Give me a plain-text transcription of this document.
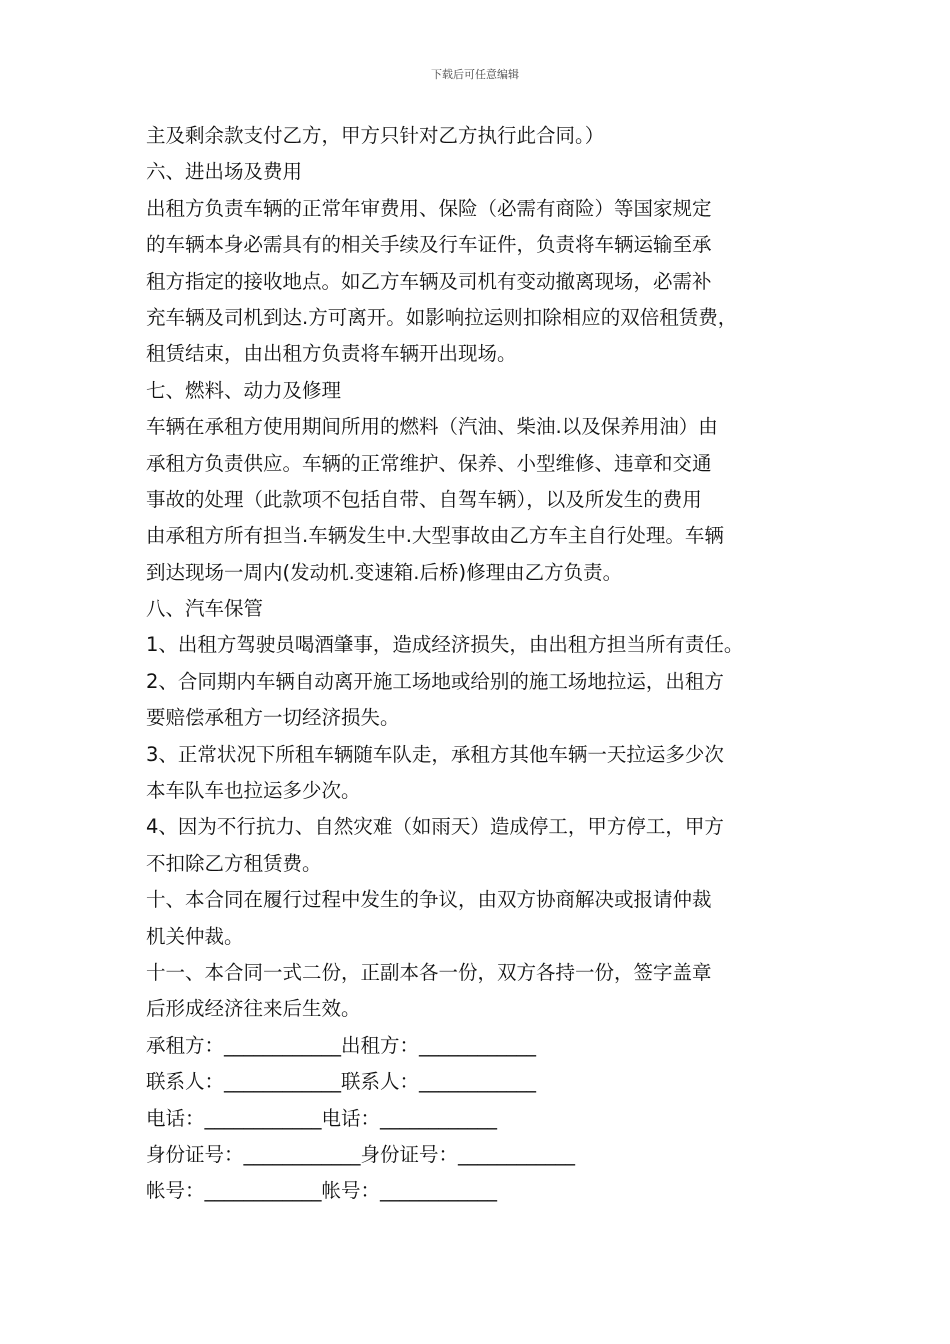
下载后可任意编辑
主及剩余款支付乙方，甲方只针对乙方执行此合同。）
六、进出场及费用
出租方负责车辆的正常年审费用、保险（必需有商险）等国家规定
的车辆本身必需具有的相关手续及行车证件，负责将车辆运输至承
租方指定的接收地点。如乙方车辆及司机有变动撤离现场，必需补
充车辆及司机到达.方可离开。如影响拉运则扣除相应的双倍租赁费，
租赁结束，由出租方负责将车辆开出现场。
七、燃料、动力及修理
车辆在承租方使用期间所用的燃料（汽油、柴油.以及保养用油）由
承租方负责供应。车辆的正常维护、保养、小型维修、违章和交通
事故的处理（此款项不包括自带、自驾车辆），以及所发生的费用
由承租方所有担当.车辆发生中.大型事故由乙方车主自行处理。车辆
到达现场一周内(发动机.变速箱.后桥)修理由乙方负责。
八、汽车保管
1、出租方驾驶员喝酒肇事，造成经济损失，由出租方担当所有责任。
2、合同期内车辆自动离开施工场地或给别的施工场地拉运，出租方
要赔偿承租方一切经济损失。
3、正常状况下所租车辆随车队走，承租方其他车辆一天拉运多少次
本车队车也拉运多少次。
4、因为不行抗力、自然灾难（如雨天）造成停工，甲方停工，甲方
不扣除乙方租赁费。
十、本合同在履行过程中发生的争议，由双方协商解决或报请仲裁
机关仲裁。
十一、本合同一式二份，正副本各一份，双方各持一份，签字盖章
后形成经济往来后生效。
承租方：____________出租方：____________
联系人：____________联系人：____________
电话：____________电话：____________
身份证号：____________身份证号：____________
帐号：____________帐号：____________
